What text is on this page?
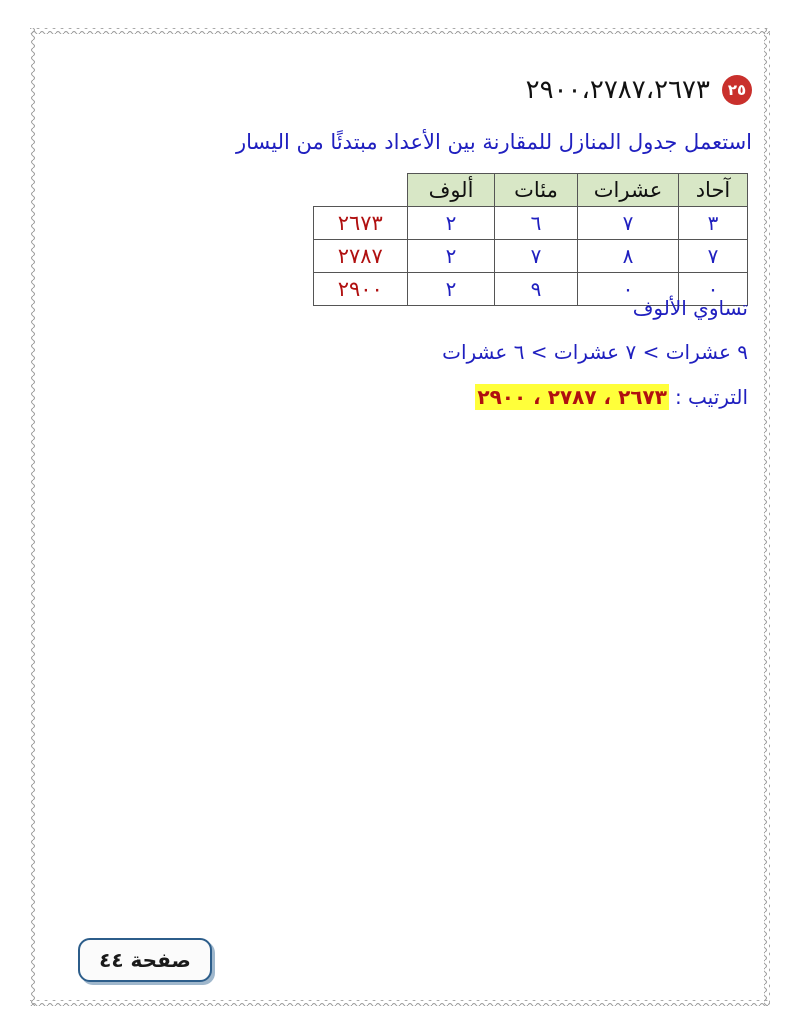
٢٥
٢٩٠٠،٢٧٨٧،٢٦٧٣
استعمل جدول المنازل للمقارنة بين الأعداد مبتدئًا من اليسار
آحاد	عشرات	مئات	ألوف	
٣	٧	٦	٢	٢٦٧٣
٧	٨	٧	٢	٢٧٨٧
٠	٠	٩	٢	٢٩٠٠
تساوي الألوف
٩ عشرات > ٧ عشرات > ٦ عشرات
الترتيب :
٢٦٧٣ ، ٢٧٨٧ ، ٢٩٠٠
صفحة ٤٤
